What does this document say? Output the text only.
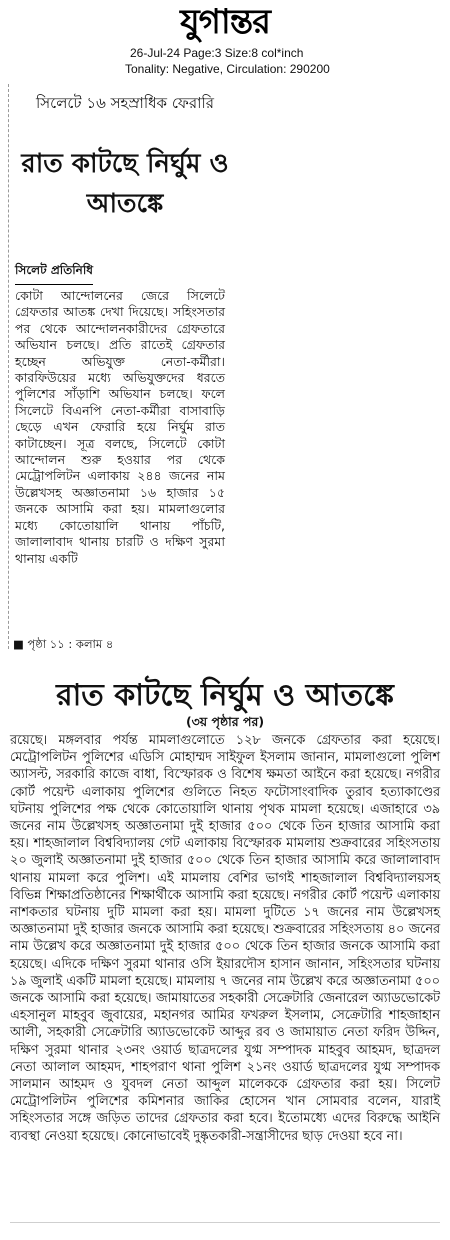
যুগান্তর
26-Jul-24 Page:3 Size:8 col*inch
Tonality: Negative, Circulation: 290200
সিলেটে ১৬ সহস্রাধিক ফেরারি
রাত কাটছে নির্ঘুম ও আতঙ্কে
সিলেট প্রতিনিধি

কোটা আন্দোলনের জেরে সিলেটে গ্রেফতার আতঙ্ক দেখা দিয়েছে। সহিংসতার পর থেকে আন্দোলনকারীদের গ্রেফতারে অভিযান চলছে। প্রতি রাতেই গ্রেফতার হচ্ছেন অভিযুক্ত নেতা-কর্মীরা। কারফিউয়ের মধ্যে অভিযুক্তদের ধরতে পুলিশের সাঁড়াশি অভিযান চলছে। ফলে সিলেটে বিএনপি নেতা-কর্মীরা বাসাবাড়ি ছেড়ে এখন ফেরারি হয়ে নির্ঘুম রাত কাটাচ্ছেন। সূত্র বলছে, সিলেটে কোটা আন্দোলন শুরু হওয়ার পর থেকে মেট্রোপলিটন এলাকায় ২৪৪ জনের নাম উল্লেখসহ অজ্ঞাতনামা ১৬ হাজার ১৫ জনকে আসামি করা হয়। মামলাগুলোর মধ্যে কোতোয়ালি থানায় পাঁচটি, জালালাবাদ থানায় চারটি ও দক্ষিণ সুরমা থানায় একটি

■ পৃষ্ঠা ১১ : কলাম ৪
রাত কাটছে নির্ঘুম ও আতঙ্কে
(৩য় পৃষ্ঠার পর)

রয়েছে। মঙ্গলবার পর্যন্ত মামলাগুলোতে ১২৮ জনকে গ্রেফতার করা হয়েছে। মেট্রোপলিটন পুলিশের এডিসি মোহাম্মদ সাইফুল ইসলাম জানান, মামলাগুলো পুলিশ অ্যাসল্ট, সরকারি কাজে বাধা, বিস্ফোরক ও বিশেষ ক্ষমতা আইনে করা হয়েছে। নগরীর কোর্ট পয়েন্ট এলাকায় পুলিশের গুলিতে নিহত ফটোসাংবাদিক তুরাব হত্যাকাণ্ডের ঘটনায় পুলিশের পক্ষ থেকে কোতোয়ালি থানায় পৃথক মামলা হয়েছে। এজাহারে ৩৯ জনের নাম উল্লেখসহ অজ্ঞাতনামা দুই হাজার ৫০০ থেকে তিন হাজার আসামি করা হয়। শাহজালাল বিশ্ববিদ্যালয় গেট এলাকায় বিস্ফোরক মামলায় শুক্রবারের সহিংসতায় ২০ জুলাই অজ্ঞাতনামা দুই হাজার ৫০০ থেকে তিন হাজার আসামি করে জালালাবাদ থানায় মামলা করে পুলিশ। এই মামলায় বেশির ভাগই শাহজালাল বিশ্ববিদ্যালয়সহ বিভিন্ন শিক্ষাপ্রতিষ্ঠানের শিক্ষার্থীকে আসামি করা হয়েছে। নগরীর কোর্ট পয়েন্ট এলাকায় নাশকতার ঘটনায় দুটি মামলা করা হয়। মামলা দুটিতে ১৭ জনের নাম উল্লেখসহ অজ্ঞাতনামা দুই হাজার জনকে আসামি করা হয়েছে। শুক্রবারের সহিংসতায় ৪০ জনের নাম উল্লেখ করে অজ্ঞাতনামা দুই হাজার ৫০০ থেকে তিন হাজার জনকে আসামি করা হয়েছে। এদিকে দক্ষিণ সুরমা থানার ওসি ইয়ারদৌস হাসান জানান, সহিংসতার ঘটনায় ১৯ জুলাই একটি মামলা হয়েছে। মামলায় ৭ জনের নাম উল্লেখ করে অজ্ঞাতনামা ৫০০ জনকে আসামি করা হয়েছে। জামায়াতের সহকারী সেক্রেটারি জেনারেল অ্যাডভোকেট এহসানুল মাহবুব জুবায়ের, মহানগর আমির ফখরুল ইসলাম, সেক্রেটারি শাহজাহান আলী, সহকারী সেক্রেটারি অ্যাডভোকেট আব্দুর রব ও জামায়াত নেতা ফরিদ উদ্দিন, দক্ষিণ সুরমা থানার ২৩নং ওয়ার্ড ছাত্রদলের যুগ্ম সম্পাদক মাহবুব আহমদ, ছাত্রদল নেতা আলাল আহমদ, শাহপরাণ থানা পুলিশ ২১নং ওয়ার্ড ছাত্রদলের যুগ্ম সম্পাদক সালমান আহমদ ও যুবদল নেতা আব্দুল মালেককে গ্রেফতার করা হয়। সিলেট মেট্রোপলিটন পুলিশের কমিশনার জাকির হোসেন খান সোমবার বলেন, যারাই সহিংসতার সঙ্গে জড়িত তাদের গ্রেফতার করা হবে। ইতোমধ্যে এদের বিরুদ্ধে আইনি ব্যবস্থা নেওয়া হয়েছে। কোনোভাবেই দুষ্কৃতকারী-সন্ত্রাসীদের ছাড় দেওয়া হবে না।
